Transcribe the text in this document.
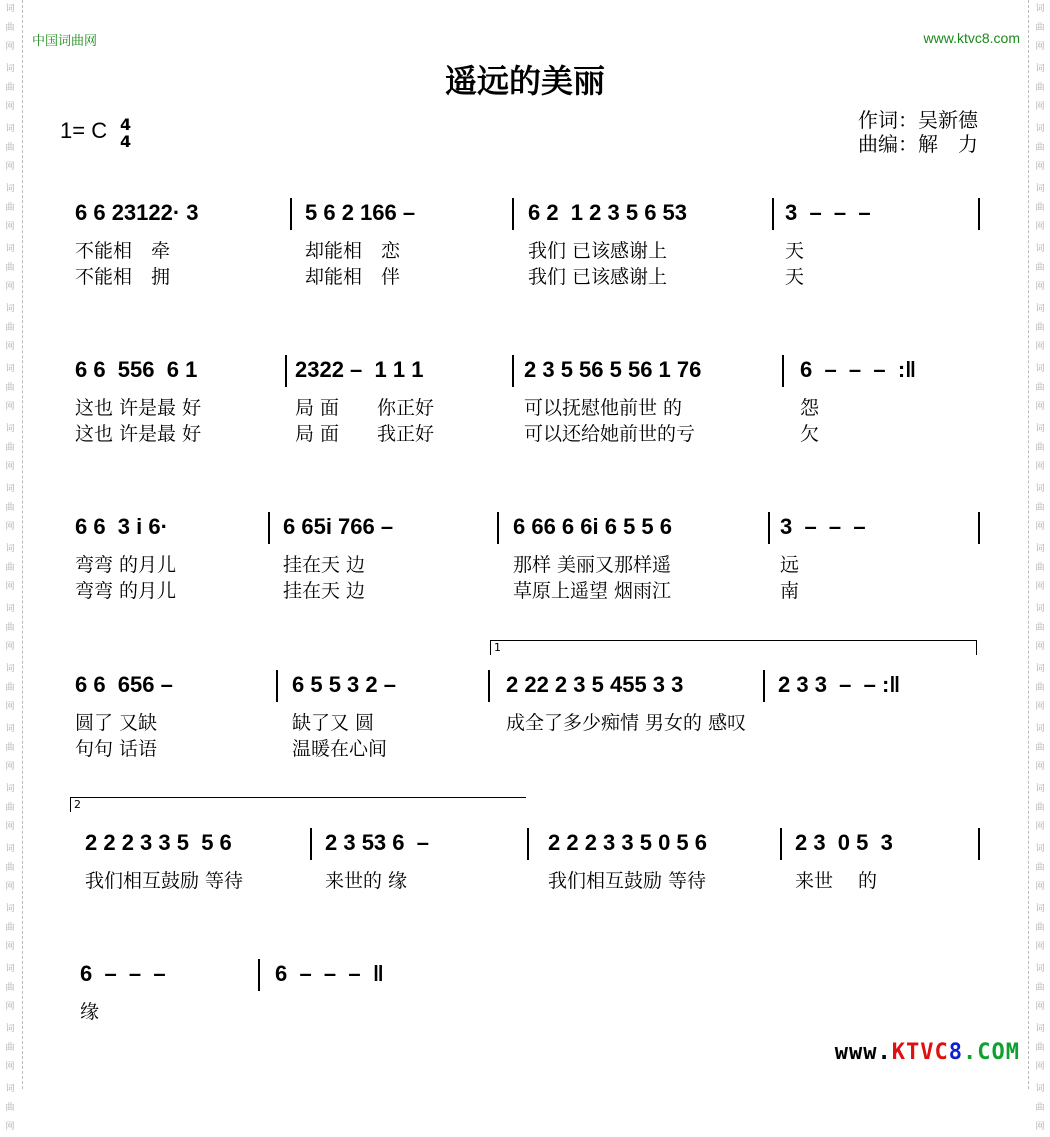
词曲网
词曲网
词曲网
词曲网
词曲网
词曲网
词曲网
词曲网
词曲网
词曲网
词曲网
词曲网
词曲网
词曲网
词曲网
词曲网
词曲网
词曲网
词曲网
词曲网
词曲网
词曲网
词曲网
词曲网
词曲网
词曲网
词曲网
词曲网
词曲网
词曲网
词曲网
词曲网
词曲网
词曲网
词曲网
词曲网
词曲网
词曲网
中国词曲网	www.ktvc8.com
遥远的美丽
1= C 4
4
作词：吴新德
曲编：解　力
1
2
6 6 23122· 3
不能相　牵
不能相　拥
5 6 2 166 –
却能相　恋
却能相　伴
6 2  1 2 3 5 6 53
我们 已该感谢上
我们 已该感谢上
3  –  –  –
天
天
6 6  556  6 1
这也 许是最 好
这也 许是最 好
2322 –  1 1 1
局 面　　你正好
局 面　　我正好
2 3 5 56 5 56 1 76
可以抚慰他前世 的
可以还给她前世的亏
6  –  –  –  :‖
怨
欠
6 6  3 i 6·
弯弯 的月儿
弯弯 的月儿
6 65i 766 –
挂在天 边
挂在天 边
6 66 6 6i 6 5 5 6
那样 美丽又那样遥
草原上遥望 烟雨江
3  –  –  –
远
南
6 6  656 –
圆了 又缺
句句 话语
6 5 5 3 2 –
缺了又 圆
温暖在心间
2 22 2 3 5 455 3 3
成全了多少痴情 男女的 感叹
2 3 3  –  – :‖
2 2 2 3 3 5  5 6
我们相互鼓励 等待
2 3 53 6  –
来世的 缘
2 2 2 3 3 5 0 5 6
我们相互鼓励 等待
2 3  0 5  3
来世　 的
6  –  –  –
缘
6  –  –  –  ‖
www.KTVC8.COM
